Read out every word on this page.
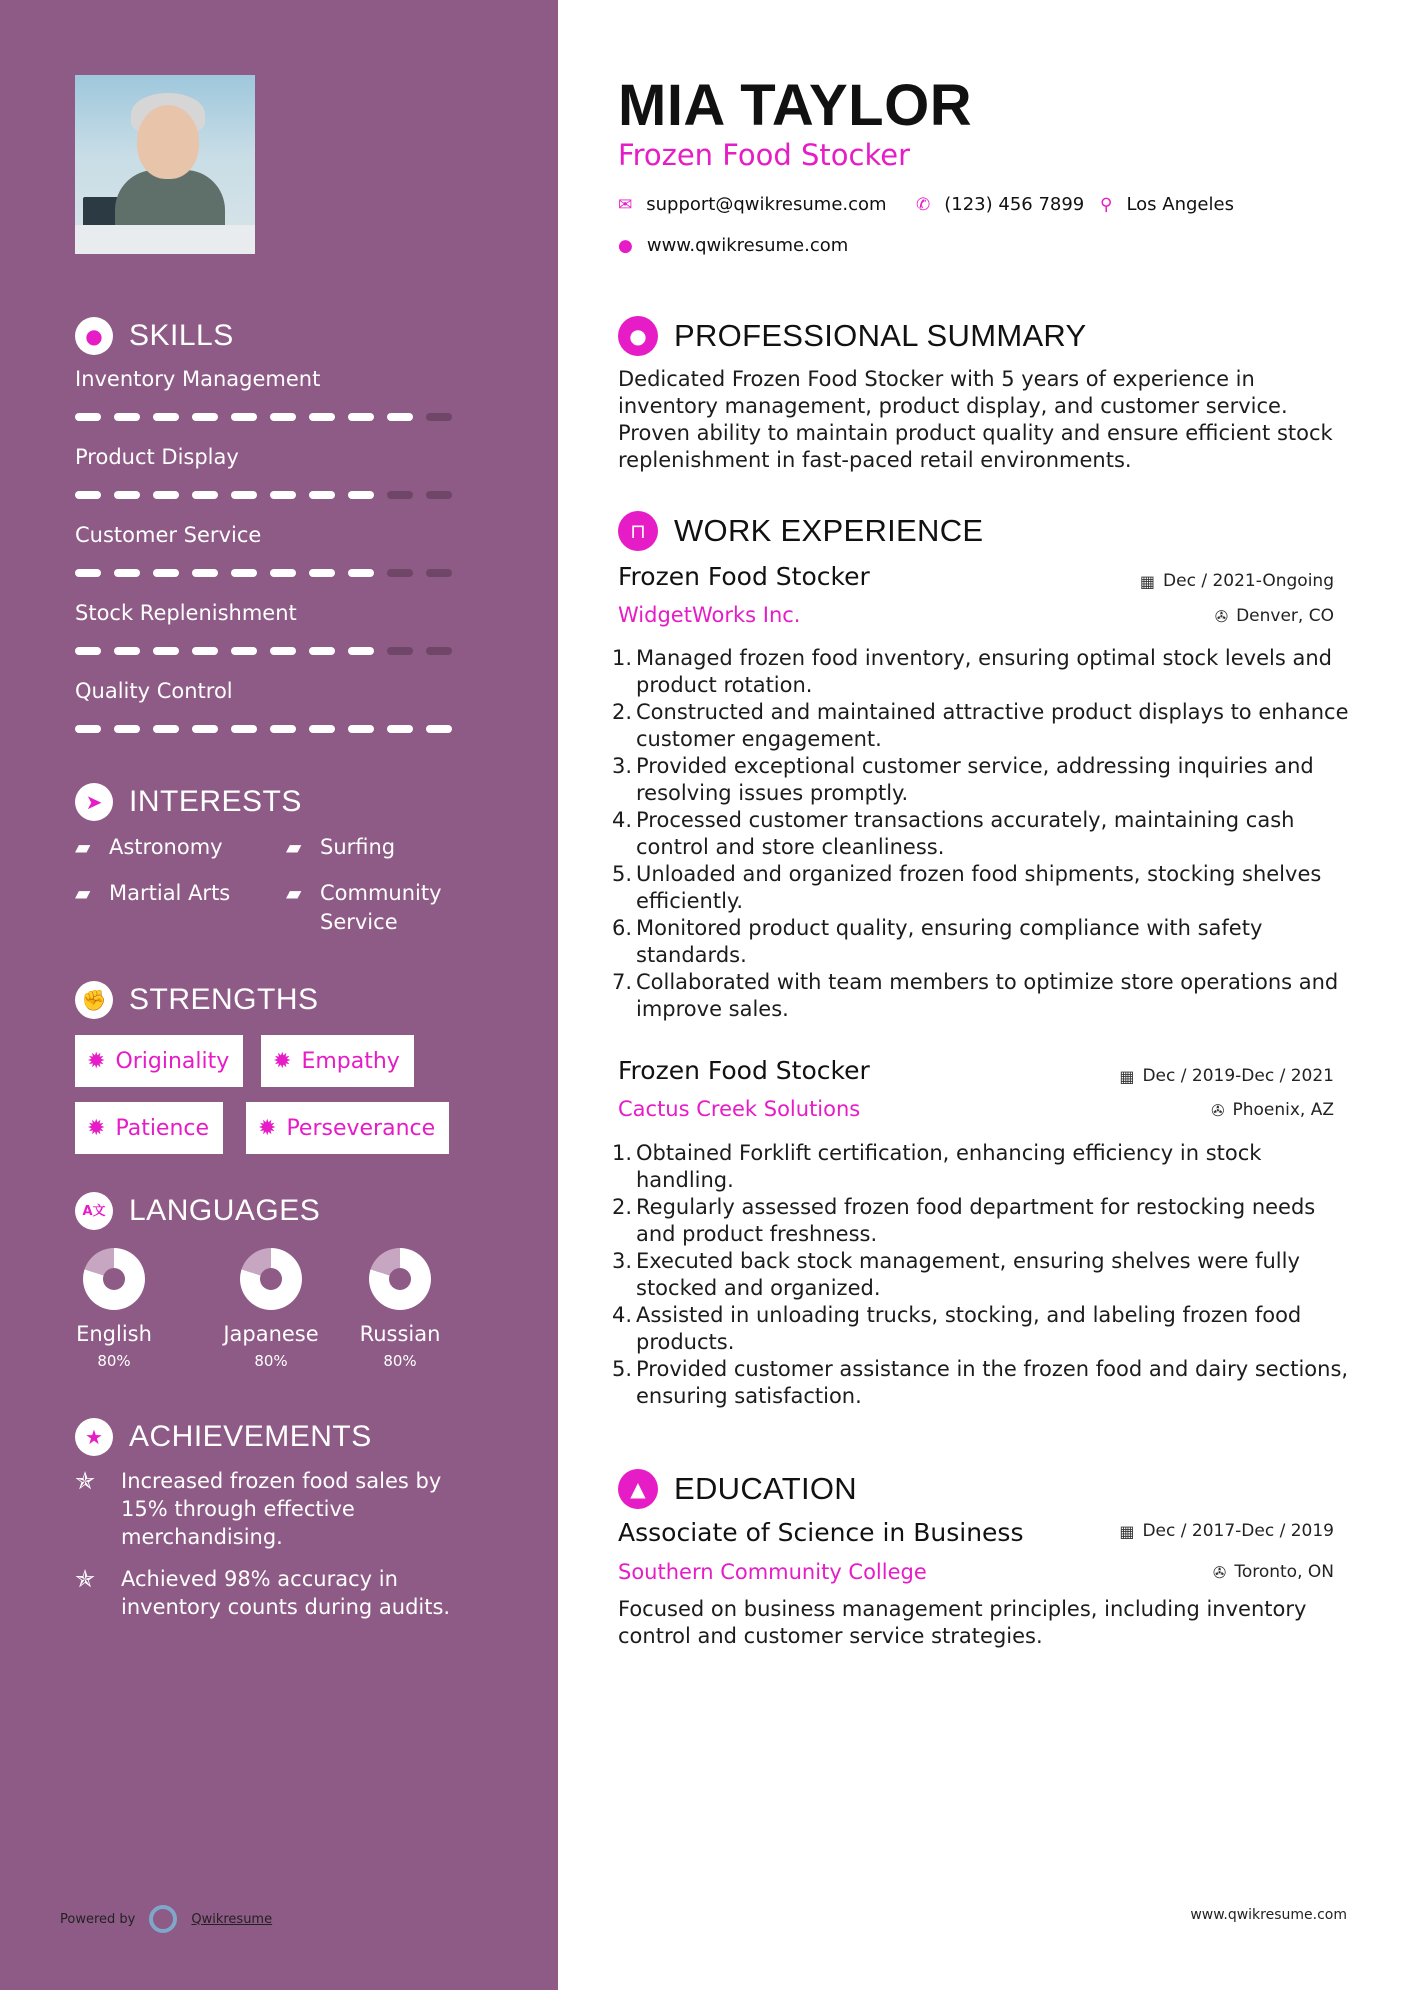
● SKILLS
Inventory Management
Product Display
Customer Service
Stock Replenishment
Quality Control
➤ INTERESTS
▰ Astronomy	▰ Surfing
▰ Martial Arts	▰ Community Service
✊ STRENGTHS
✹ Originality ✹ Empathy
✹ Patience ✹ Perseverance
A文 LANGUAGES
English
80%
Japanese
80%
Russian
80%
★ ACHIEVEMENTS
✯	Increased frozen food sales by 15% through effective merchandising.
✯	Achieved 98% accuracy in inventory counts during audits.
Powered by	Qwikresume
MIA TAYLOR
Frozen Food Stocker
✉ support@qwikresume.com ✆ (123) 456 7899 ⚲ Los Angeles
● www.qwikresume.com
● PROFESSIONAL SUMMARY
Dedicated Frozen Food Stocker with 5 years of experience in inventory management, product display, and customer service. Proven ability to maintain product quality and ensure efficient stock replenishment in fast-paced retail environments.
⊓ WORK EXPERIENCE
Frozen Food Stocker	▦ Dec / 2021-Ongoing
WidgetWorks Inc.	✇ Denver, CO
1. Managed frozen food inventory, ensuring optimal stock levels and product rotation.
2. Constructed and maintained attractive product displays to enhance customer engagement.
3. Provided exceptional customer service, addressing inquiries and resolving issues promptly.
4. Processed customer transactions accurately, maintaining cash control and store cleanliness.
5. Unloaded and organized frozen food shipments, stocking shelves efficiently.
6. Monitored product quality, ensuring compliance with safety standards.
7. Collaborated with team members to optimize store operations and improve sales.
Frozen Food Stocker	▦ Dec / 2019-Dec / 2021
Cactus Creek Solutions	✇ Phoenix, AZ
1. Obtained Forklift certification, enhancing efficiency in stock handling.
2. Regularly assessed frozen food department for restocking needs and product freshness.
3. Executed back stock management, ensuring shelves were fully stocked and organized.
4. Assisted in unloading trucks, stocking, and labeling frozen food products.
5. Provided customer assistance in the frozen food and dairy sections, ensuring satisfaction.
▲ EDUCATION
Associate of Science in Business	▦ Dec / 2017-Dec / 2019
Southern Community College	✇ Toronto, ON
Focused on business management principles, including inventory control and customer service strategies.
www.qwikresume.com
